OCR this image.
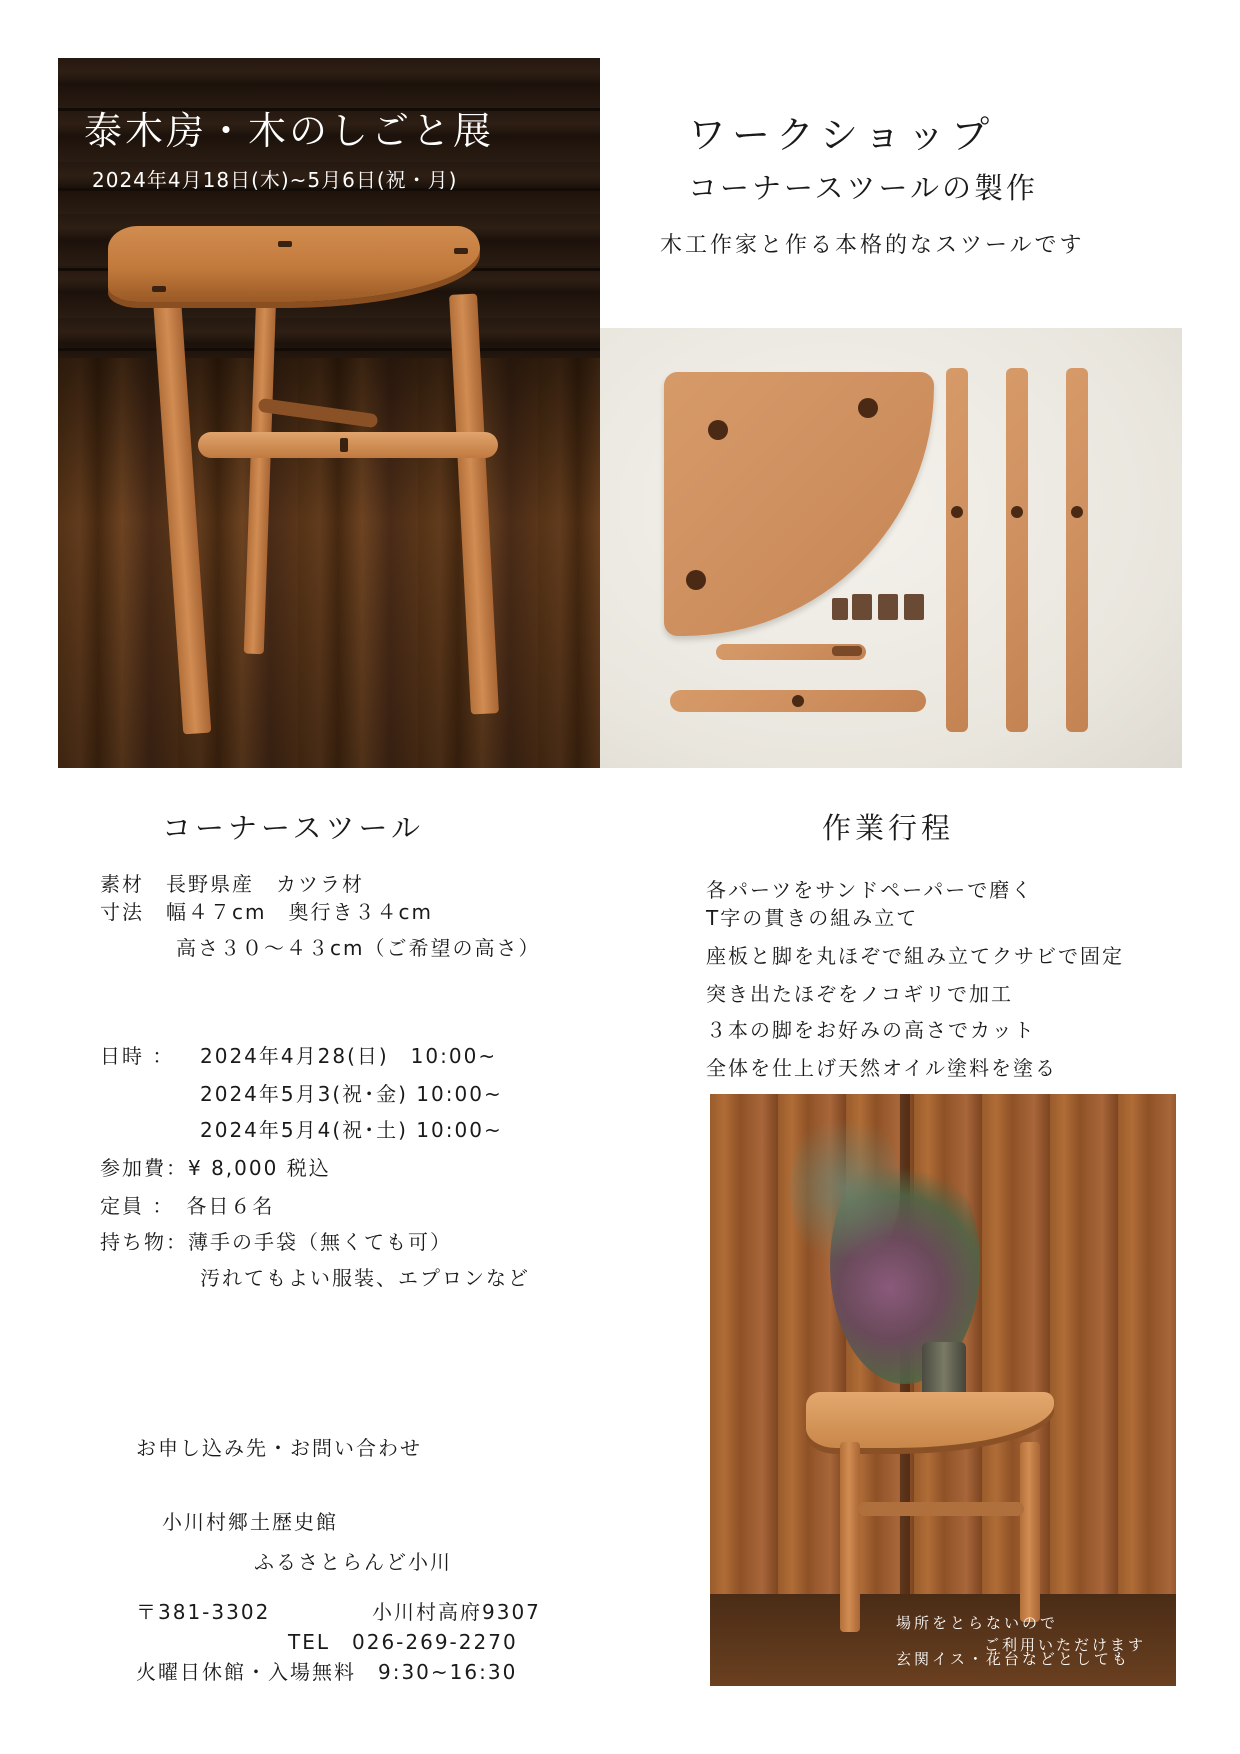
泰木房・木のしごと展
2024年4月18日(木)~5月6日(祝・月)
ワークショップ
コーナースツールの製作
木工作家と作る本格的なスツールです
コーナースツール
素材　長野県産　カツラ材
寸法　幅４７cm　奥行き３４cm
高さ３０～４３cm（ご希望の高さ）
日時 ： 2024年4月28(日)　10:00~
2024年5月3(祝･金) 10:00~
2024年5月4(祝･土) 10:00~
参加費：¥ 8,000 税込
定員 ：　各日６名
持ち物：薄手の手袋（無くても可）
汚れてもよい服装、エプロンなど
作業行程
各パーツをサンドペーパーで磨く
T字の貫きの組み立て
座板と脚を丸ほぞで組み立てクサビで固定
突き出たほぞをノコギリで加工
３本の脚をお好みの高さでカット
全体を仕上げ天然オイル塗料を塗る
お申し込み先・お問い合わせ
小川村郷土歴史館
ふるさとらんど小川
〒381-3302	小川村高府9307
TEL　026-269-2270
火曜日休館・入場無料　9:30~16:30
場所をとらないので
玄関イス・花台などとしても
ご利用いただけます
